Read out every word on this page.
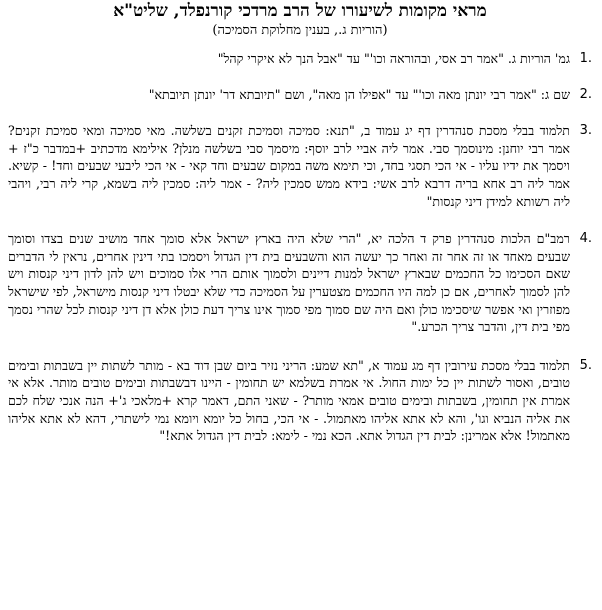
מראי מקומות לשיעורו של הרב מרדכי קורנפלד, שליט"א
(הוריות ג., בענין מחלוקת הסמיכה)
1.
גמ' הוריות ג. "אמר רב אסי, ובהוראה וכו'" עד "אבל הנך לא איקרי קהל"
2.
שם ג: "אמר רבי יונתן מאה וכו'" עד "אפילו הן מאה", ושם "תיובתא דר' יונתן תיובתא"
3.
תלמוד בבלי מסכת סנהדרין דף יג עמוד ב, "תנא: סמיכה וסמיכת זקנים בשלשה. מאי סמיכה ומאי סמיכת זקנים? אמר רבי יוחנן: מינוסמך סבי. אמר ליה אביי לרב יוסף: מיסמך סבי בשלשה מנלן? אילימא מדכתיב +במדבר כ"ז + ויסמך את ידיו עליו - אי הכי תסגי בחד, וכי תימא משה במקום שבעים וחד קאי - אי הכי ליבעי שבעים וחד! - קשיא. אמר ליה רב אחא בריה דרבא לרב אשי: בידא ממש סמכין ליה? - אמר ליה: סמכין ליה בשמא, קרי ליה רבי, ויהבי ליה רשותא למידן דיני קנסות"
4.
רמב"ם הלכות סנהדרין פרק ד הלכה יא, "הרי שלא היה בארץ ישראל אלא סומך אחד מושיב שנים בצדו וסומך שבעים מאחד או זה אחר זה ואחר כך יעשה הוא והשבעים בית דין הגדול ויסמכו בתי דינין אחרים, נראין לי הדברים שאם הסכימו כל החכמים שבארץ ישראל למנות דיינים ולסמוך אותם הרי אלו סמוכים ויש להן לדון דיני קנסות ויש להן לסמוך לאחרים, אם כן למה היו החכמים מצטערין על הסמיכה כדי שלא יבטלו דיני קנסות מישראל, לפי שישראל מפוזרין ואי אפשר שיסכימו כולן ואם היה שם סמוך מפי סמוך אינו צריך דעת כולן אלא דן דיני קנסות לכל שהרי נסמך מפי בית דין, והדבר צריך הכרע."
5.
תלמוד בבלי מסכת עירובין דף מג עמוד א, "תא שמע: הריני נזיר ביום שבן דוד בא - מותר לשתות יין בשבתות ובימים טובים, ואסור לשתות יין כל ימות החול. אי אמרת בשלמא יש תחומין - היינו דבשבתות ובימים טובים מותר. אלא אי אמרת אין תחומין, בשבתות ובימים טובים אמאי מותר? - שאני התם, דאמר קרא +מלאכי ג'+ הנה אנכי שלח לכם את אליה הנביא וגו', והא לא אתא אליהו מאתמול. - אי הכי, בחול כל יומא ויומא נמי לישתרי, דהא לא אתא אליהו מאתמול! אלא אמרינן: לבית דין הגדול אתא. הכא נמי - לימא: לבית דין הגדול אתא!"
